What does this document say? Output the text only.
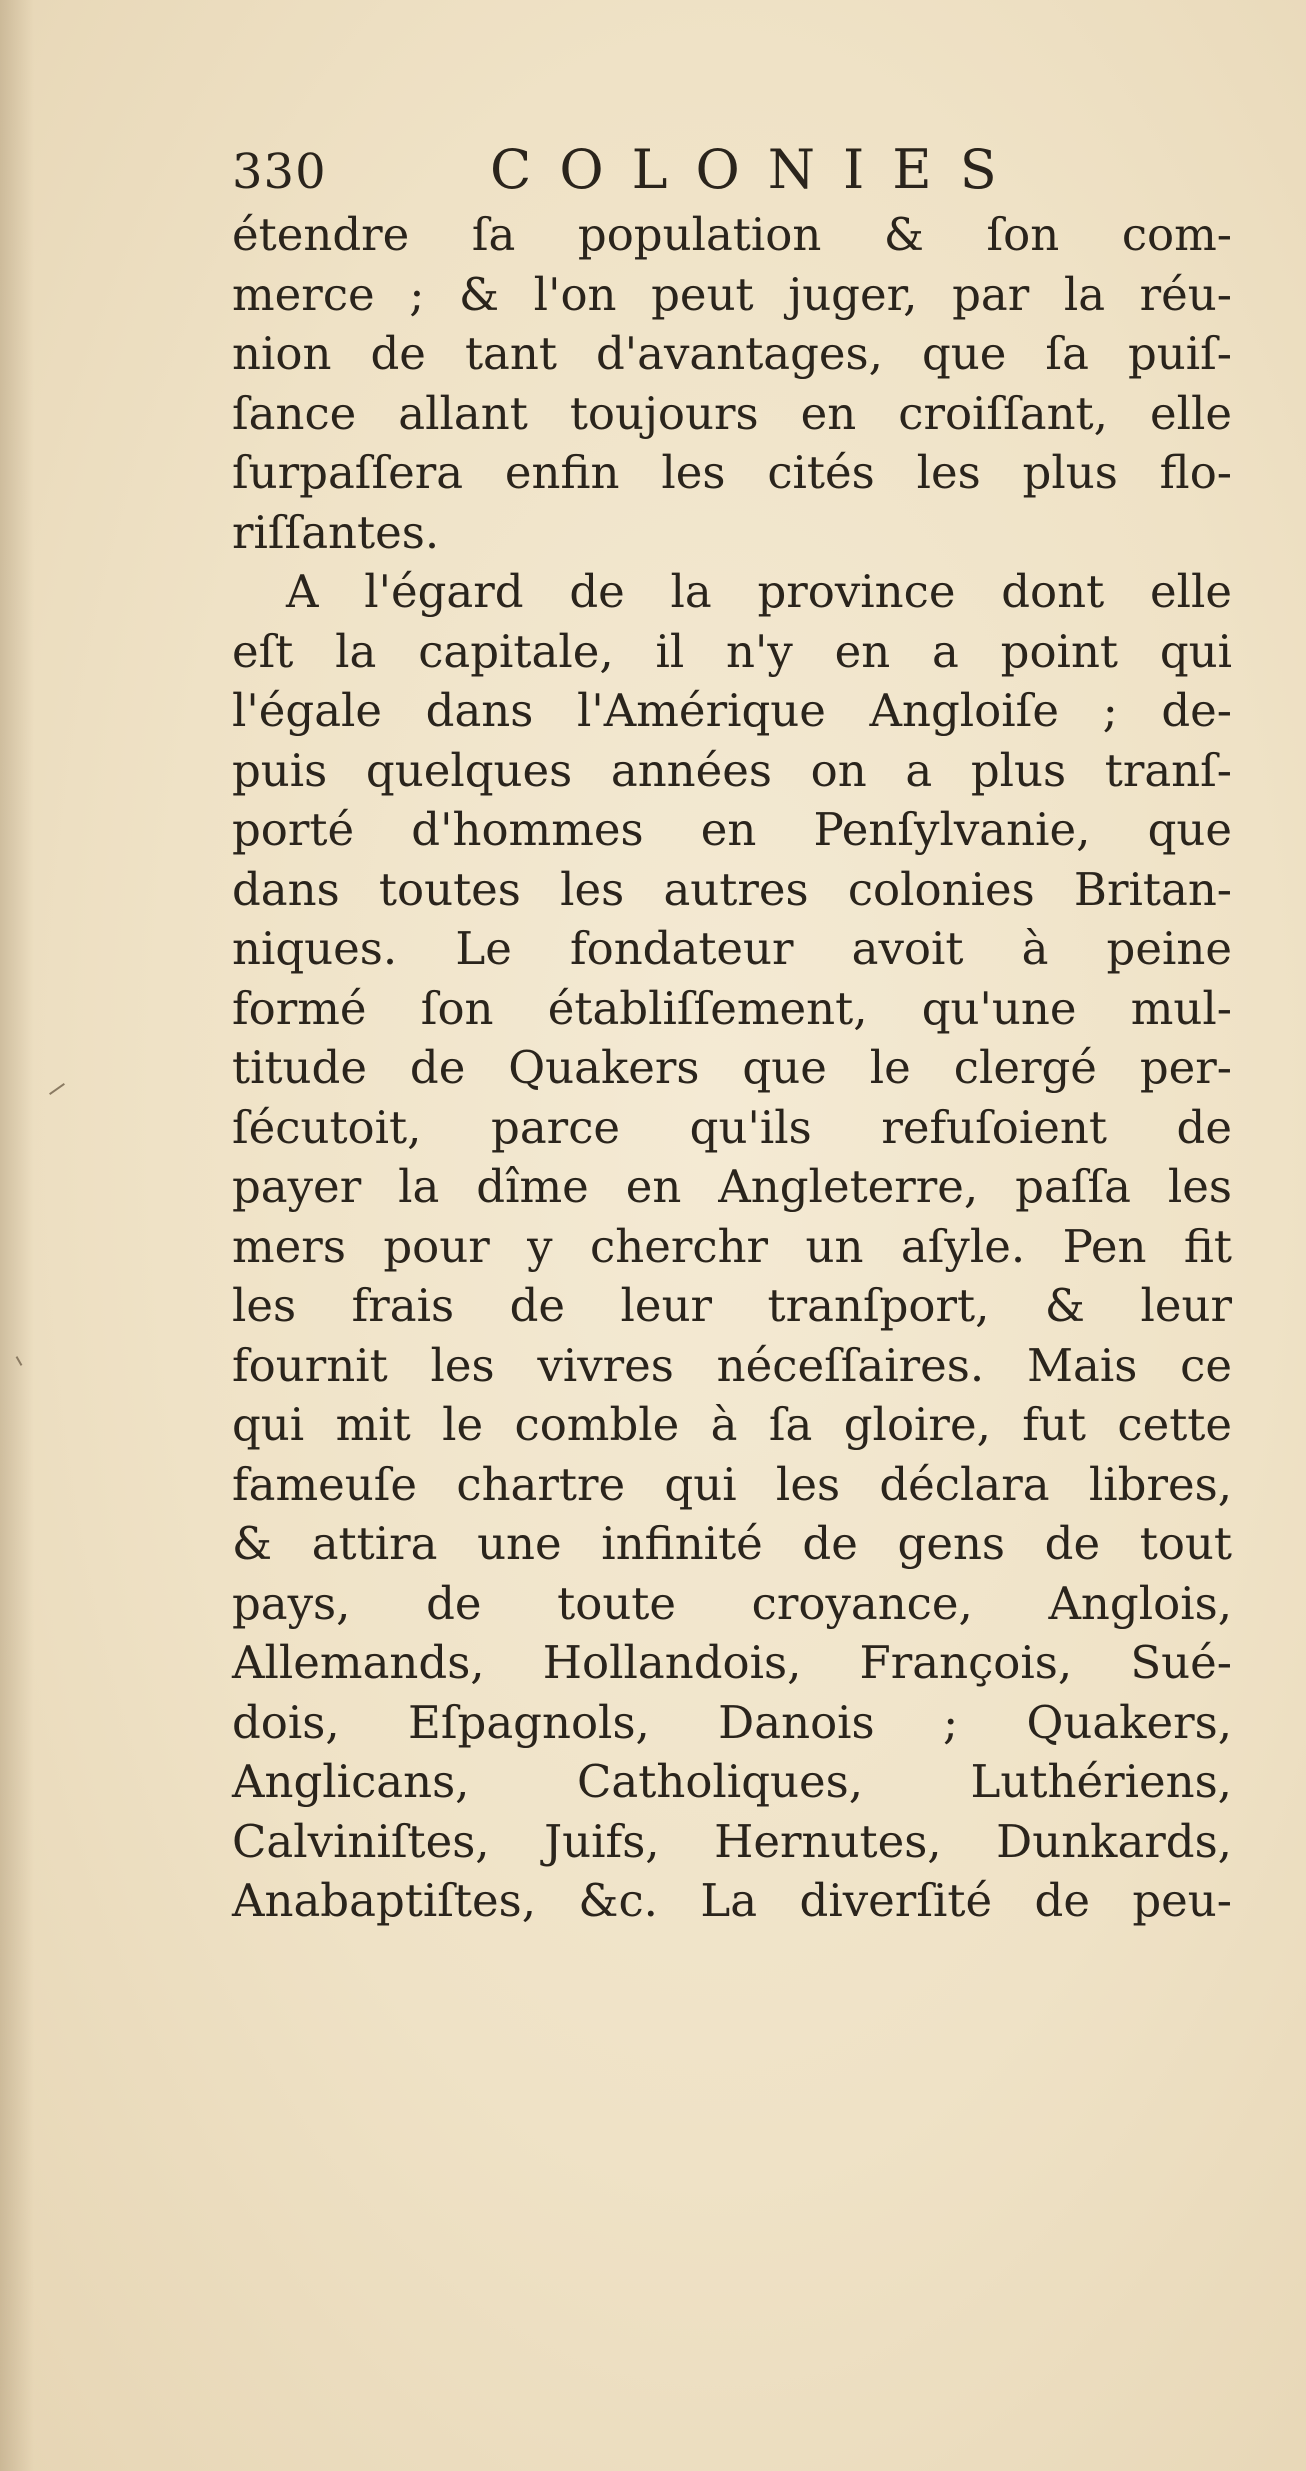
330	COLONIES
étendre ſa population & ſon com-
merce ; & l'on peut juger, par la réu-
nion de tant d'avantages, que ſa puiſ-
ſance allant toujours en croiſſant, elle
ſurpaſſera enfin les cités les plus flo-
riſſantes.
A l'égard de la province dont elle
eſt la capitale, il n'y en a point qui
l'égale dans l'Amérique Angloiſe ; de-
puis quelques années on a plus tranſ-
porté d'hommes en Penſylvanie, que
dans toutes les autres colonies Britan-
niques. Le fondateur avoit à peine
formé ſon établiſſement, qu'une mul-
titude de Quakers que le clergé per-
ſécutoit, parce qu'ils refuſoient de
payer la dîme en Angleterre, paſſa les
mers pour y cherchr un aſyle. Pen fit
les frais de leur tranſport, & leur
fournit les vivres néceſſaires. Mais ce
qui mit le comble à ſa gloire, fut cette
fameuſe chartre qui les déclara libres,
& attira une infinité de gens de tout
pays, de toute croyance, Anglois,
Allemands, Hollandois, François, Sué-
dois, Eſpagnols, Danois ; Quakers,
Anglicans, Catholiques, Luthériens,
Calviniſtes, Juifs, Hernutes, Dunkards,
Anabaptiſtes, &c. La diverſité de peu-
